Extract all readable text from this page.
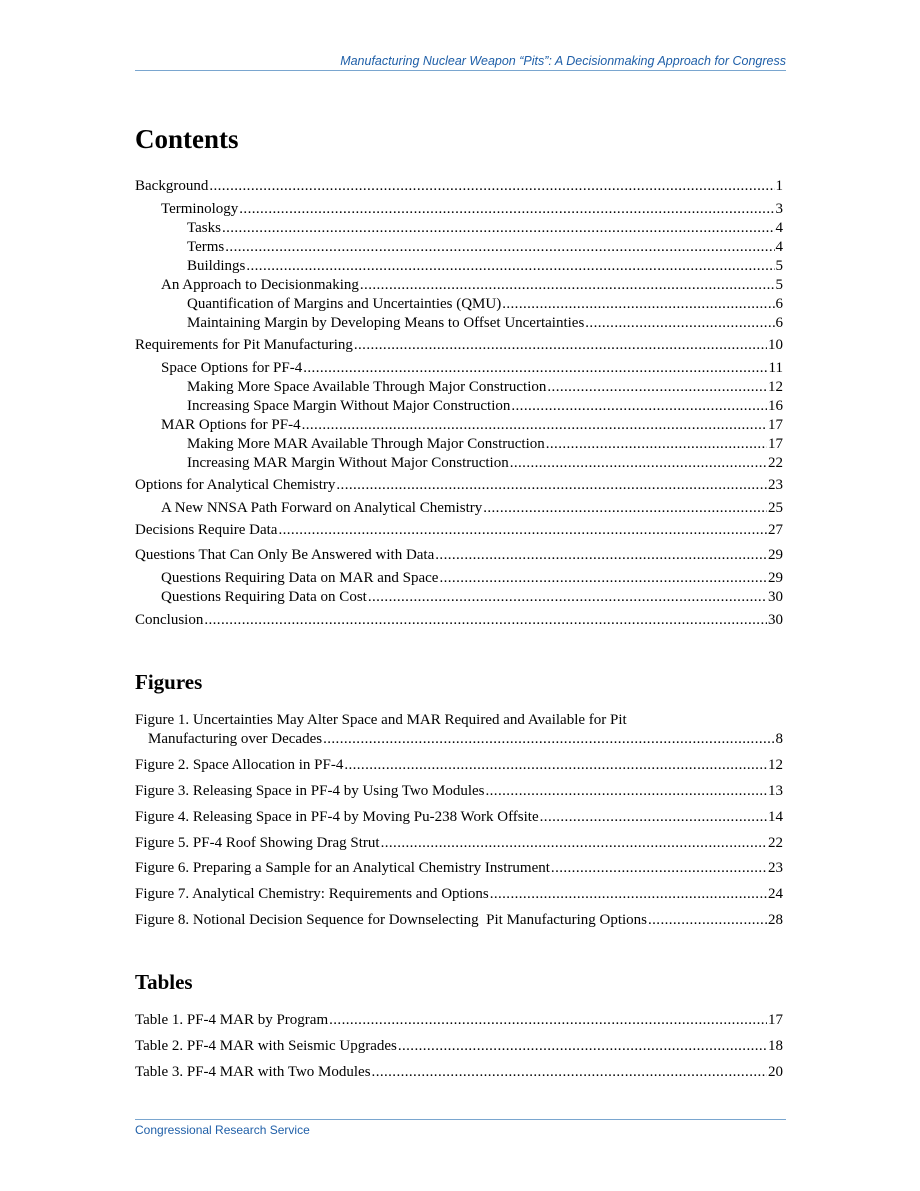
Manufacturing Nuclear Weapon “Pits”: A Decisionmaking Approach for Congress
Contents
Background .....	1
Terminology .....	3
Tasks .....	4
Terms .....	4
Buildings .....	5
An Approach to Decisionmaking .....	5
Quantification of Margins and Uncertainties (QMU) .....	6
Maintaining Margin by Developing Means to Offset Uncertainties .....	6
Requirements for Pit Manufacturing .....	10
Space Options for PF-4 .....	11
Making More Space Available Through Major Construction .....	12
Increasing Space Margin Without Major Construction .....	16
MAR Options for PF-4 .....	17
Making More MAR Available Through Major Construction .....	17
Increasing MAR Margin Without Major Construction .....	22
Options for Analytical Chemistry .....	23
A New NNSA Path Forward on Analytical Chemistry .....	25
Decisions Require Data .....	27
Questions That Can Only Be Answered with Data .....	29
Questions Requiring Data on MAR and Space .....	29
Questions Requiring Data on Cost .....	30
Conclusion .....	30
Figures
Figure 1. Uncertainties May Alter Space and MAR Required and Available for Pit
Manufacturing over Decades .....	8
Figure 2. Space Allocation in PF-4 .....	12
Figure 3. Releasing Space in PF-4 by Using Two Modules .....	13
Figure 4. Releasing Space in PF-4 by Moving Pu-238 Work Offsite .....	14
Figure 5. PF-4 Roof Showing Drag Strut .....	22
Figure 6. Preparing a Sample for an Analytical Chemistry Instrument .....	23
Figure 7. Analytical Chemistry: Requirements and Options .....	24
Figure 8. Notional Decision Sequence for Downselecting  Pit Manufacturing Options .....	28
Tables
Table 1. PF-4 MAR by Program .....	17
Table 2. PF-4 MAR with Seismic Upgrades .....	18
Table 3. PF-4 MAR with Two Modules .....	20
Congressional Research Service
